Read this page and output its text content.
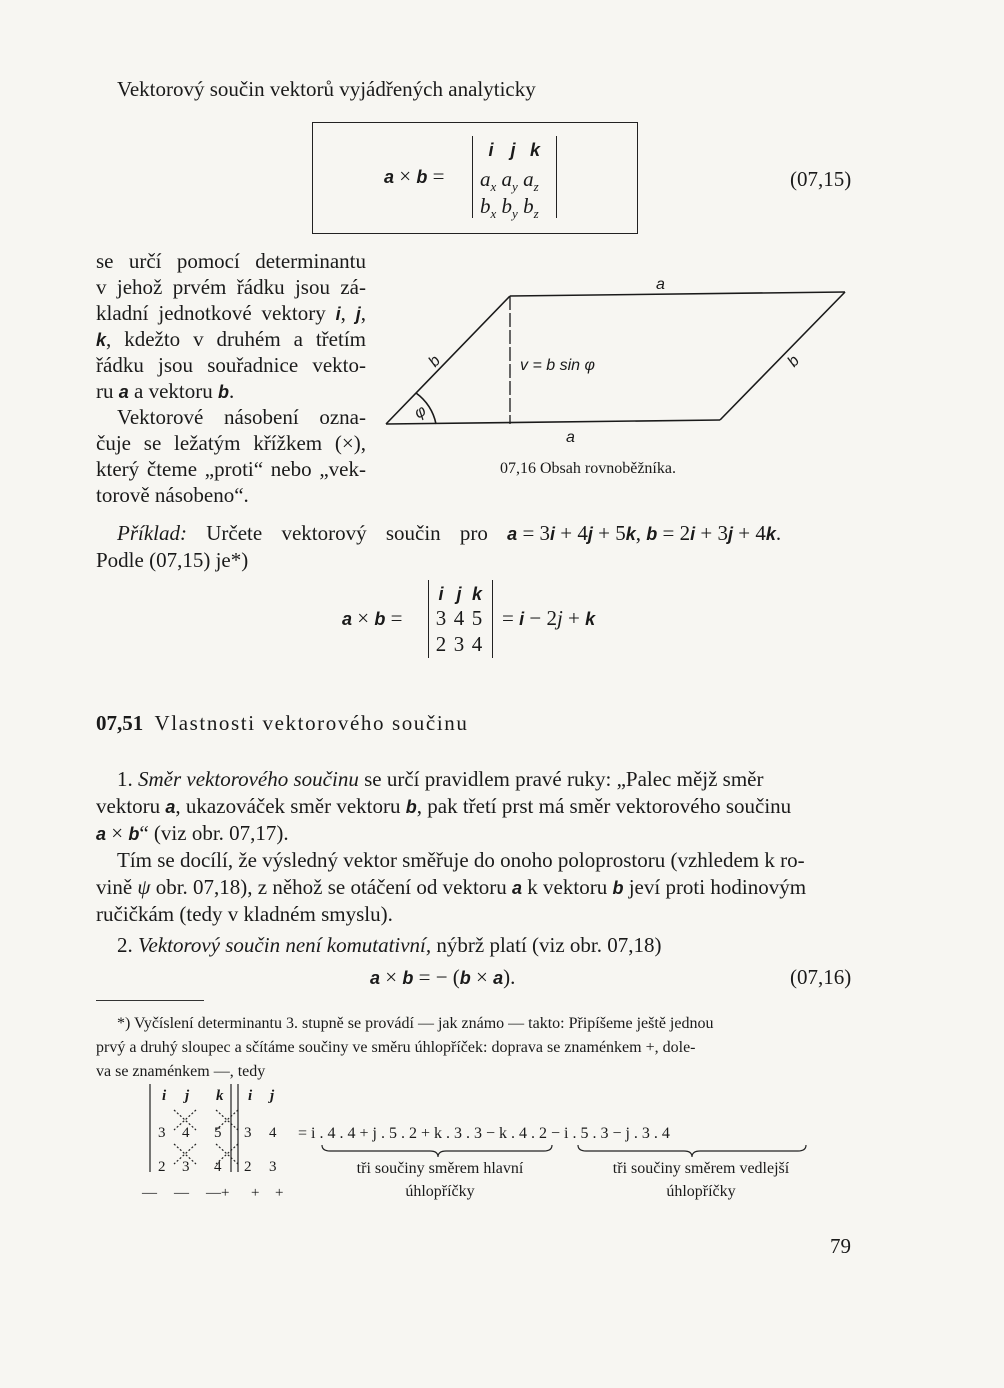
Vektorový součin vektorů vyjádřených analyticky
a × b =
i j k
$a_x$ $a_y$ $a_z$
$b_x$ $b_y$ $b_z$
(07,15)
se určí pomocí determinantu
v jehož prvém řádku jsou zá-
kladní jednotkové vektory i, j,
k, kdežto v druhém a třetím
řádku jsou souřadnice vekto-
ru a a vektoru b.
Vektorové násobení ozna-
čuje se ležatým křížkem (×),
který čteme „proti“ nebo „vek-
torově násobeno“.
a
a
b	b
v = b sin φ
φ
07,16 Obsah rovnoběžníka.
Příklad: Určete vektorový součin pro a = 3i + 4j + 5k, b = 2i + 3j + 4k.
Podle (07,15) je*)
a × b =
i j k
3 4 5
2 3 4
= i − 2j + k
07,51 Vlastnosti vektorového součinu
1. Směr vektorového součinu se určí pravidlem pravé ruky: „Palec mějž směr
vektoru a, ukazováček směr vektoru b, pak třetí prst má směr vektorového součinu
a × b“ (viz obr. 07,17).
Tím se docílí, že výsledný vektor směřuje do onoho poloprostoru (vzhledem k ro-
vině ψ obr. 07,18), z něhož se otáčení od vektoru a k vektoru b jeví proti hodinovým
ručičkám (tedy v kladném smyslu).
2. Vektorový součin není komutativní, nýbrž platí (viz obr. 07,18)
a × b = − (b × a).	(07,16)
*) Vyčíslení determinantu 3. stupně se provádí — jak známo — takto: Připíšeme ještě jednou
prvý a druhý sloupec a sčítáme součiny ve směru úhlopříček: doprava se znaménkem +, dole-
va se znaménkem —, tedy
i j k i j
3 4 5 3 4
2 3 4 2 3
— — —+ + +
= i . 4 . 4 + j . 5 . 2 + k . 3 . 3 − k . 4 . 2 − i . 5 . 3 − j . 3 . 4
tři součiny směrem hlavní
úhlopříčky
tři součiny směrem vedlejší
úhlopříčky
79
